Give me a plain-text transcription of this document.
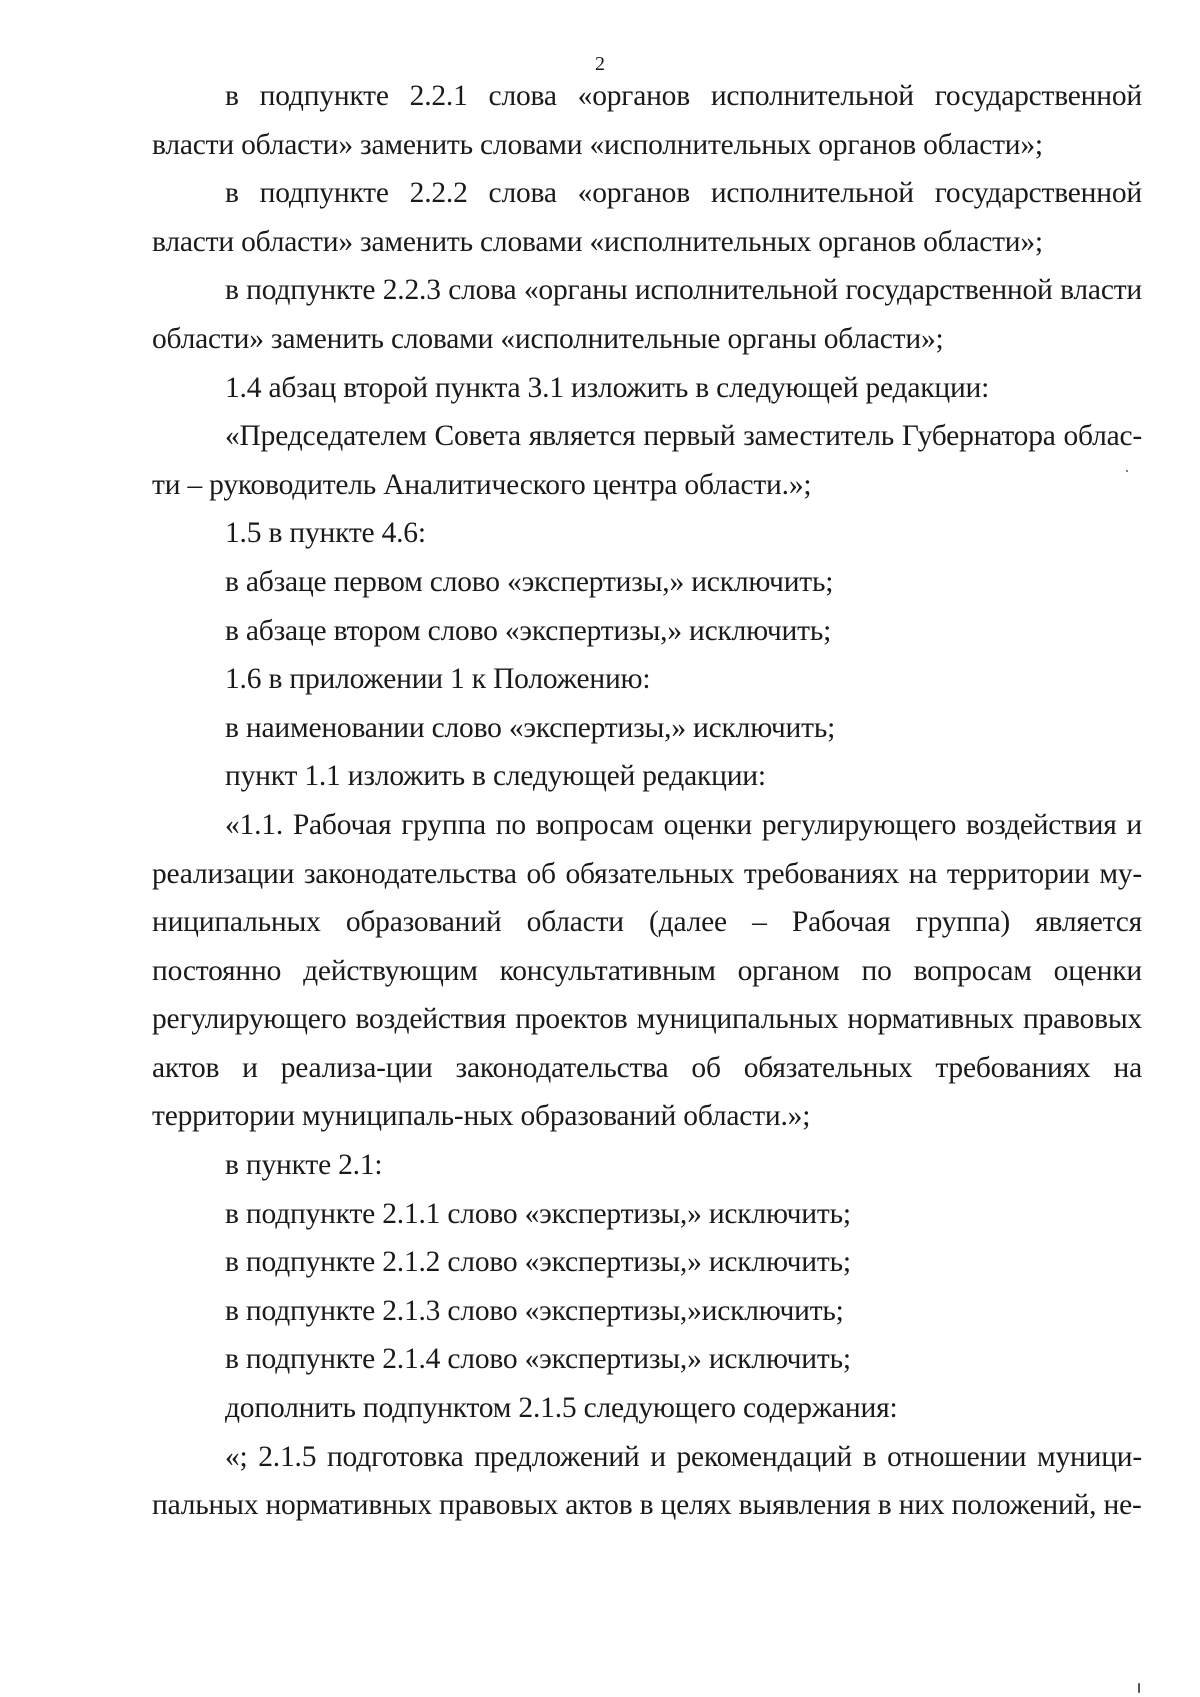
2

в подпункте 2.2.1 слова «органов исполнительной государственной власти области» заменить словами «исполнительных органов области»;

в подпункте 2.2.2 слова «органов исполнительной государственной власти области» заменить словами «исполнительных органов области»;

в подпункте 2.2.3 слова «органы исполнительной государственной власти области» заменить словами «исполнительные органы области»;

1.4 абзац второй пункта 3.1 изложить в следующей редакции:

«Председателем Совета является первый заместитель Губернатора облас-ти – руководитель Аналитического центра области.»;

1.5 в пункте 4.6:

в абзаце первом слово «экспертизы,» исключить;

в абзаце втором слово «экспертизы,» исключить;

1.6 в приложении 1 к Положению:

в наименовании слово «экспертизы,» исключить;

пункт 1.1 изложить в следующей редакции:

«1.1. Рабочая группа по вопросам оценки регулирующего воздействия и реализации законодательства об обязательных требованиях на территории му-ниципальных образований области (далее – Рабочая группа) является постоянно действующим консультативным органом по вопросам оценки регулирующего воздействия проектов муниципальных нормативных правовых актов и реализа-ции законодательства об обязательных требованиях на территории муниципаль-ных образований области.»;

в пункте 2.1:

в подпункте 2.1.1 слово «экспертизы,» исключить;

в подпункте 2.1.2 слово «экспертизы,» исключить;

в подпункте 2.1.3 слово «экспертизы,»исключить;

в подпункте 2.1.4 слово «экспертизы,» исключить;

дополнить подпунктом 2.1.5 следующего содержания:

«; 2.1.5 подготовка предложений и рекомендаций в отношении муници-пальных нормативных правовых актов в целях выявления в них положений, не-
